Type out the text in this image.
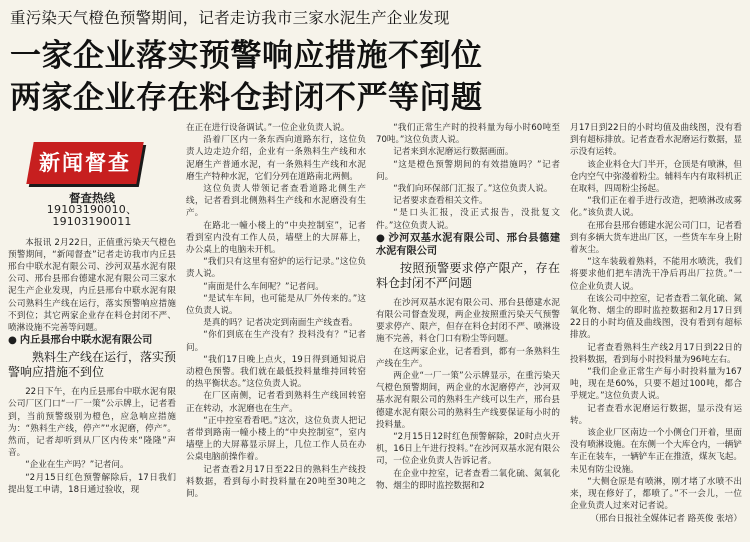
重污染天气橙色预警期间，记者走访我市三家水泥生产企业发现
一家企业落实预警响应措施不到位
两家企业存在料仓封闭不严等问题
新闻督查
督查热线
19103190010、19103190011

本报讯 2月22日，正值重污染天气橙色预警期间，“新闻督查”记者走访我市内丘县邢台中联水泥有限公司、沙河双基水泥有限公司、邢台县邢台德建水泥有限公司三家水泥生产企业发现，内丘县邢台中联水泥有限公司熟料生产线在运行，落实预警响应措施不到位；其它两家企业存在料仓封闭不严、喷淋设施不完善等问题。

● 内丘县邢台中联水泥有限公司

熟料生产线在运行，落实预警响应措施不到位

22日下午，在内丘县邢台中联水泥有限公司厂区门口“一厂一策”公示牌上，记者看到，当前预警级别为橙色，应急响应措施为：“熟料生产线，停产”“水泥磨，停产”。然而，记者却听到从厂区内传来“隆隆”声音。

“企业在生产吗？”记者问。

“2月15日红色预警解除后，17日我们提出复工申请，18日通过验收，现

在正在进行设备调试。”一位企业负责人说。

沿着厂区内一条东西向道路东行，这位负责人边走边介绍，企业有一条熟料生产线和水泥磨生产普通水泥，有一条熟料生产线和水泥磨生产特种水泥，它们分列在道路南北两侧。

这位负责人带领记者查看道路北侧生产线，记者看到北侧熟料生产线和水泥磨没有生产。

在路北一幢小楼上的“中央控制室”，记者看到室内没有工作人员，墙壁上的大屏幕上，办公桌上的电脑未开机。

“我们只有这里有窑炉的运行记录。”这位负责人说。

“南面是什么车间呢？”记者问。

“是试车车间，也可能是从厂外传来的。”这位负责人说。

是真的吗？记者决定到南面生产线查看。

“你们到底在生产没有？投料没有？”记者问。

“我们17日晚上点火，19日得到通知说启动橙色预警。我们就在最低投料量维持回转窑的热平衡状态。”这位负责人说。

在厂区南侧，记者看到熟料生产线回转窑正在转动，水泥磨也在生产。

“正中控室看看吧。”这次，这位负责人把记者带到路南一幢小楼上的“中央控制室”，室内墙壁上的大屏幕显示屏上，几位工作人员在办公桌电脑前操作着。

记者查看2月17日至22日的熟料生产线投料数据，看到每小时投料量在20吨至30吨之间。

“我们正常生产时的投料量为每小时60吨至70吨。”这位负责人说。

记者来到水泥磨运行数据画面。

“这是橙色预警期间的有效措施吗？”记者问。

“我们向环保部门汇报了。”这位负责人说。

记者要求查看相关文件。

“是口头汇报，没正式报告，没批复文件。”这位负责人说。

● 沙河双基水泥有限公司、邢台县德建水泥有限公司

按照预警要求停产限产，存在料仓封闭不严问题

在沙河双基水泥有限公司、邢台县德建水泥有限公司督查发现，两企业按照重污染天气预警要求停产、限产，但存在料仓封闭不严、喷淋设施不完善，料仓门口有粉尘等问题。

在这两家企业，记者看到，都有一条熟料生产线在生产。

两企业“一厂一策”公示牌显示，在重污染天气橙色预警期间，两企业的水泥磨停产，沙河双基水泥有限公司的熟料生产线可以生产，邢台县德建水泥有限公司的熟料生产线要保证每小时的投料量。

“2月15日12时红色预警解除，20时点火开机，16日上午进行投料。”在沙河双基水泥有限公司，一位企业负责人告诉记者。

在企业中控室，记者查看二氧化硫、氮氧化物、烟尘的即时监控数据和2

月17日到22日的小时均值及曲线图，没有看到有超标排放。记者查看水泥磨运行数据，显示没有运转。

该企业料仓大门半开，仓顶是有喷淋，但仓内空气中弥漫着粉尘。辅料车内有取料机正在取料，四周粉尘扬起。

“我们正在着手进行改造，把喷淋改成雾化。”该负责人说。

在邢台县邢台德建水泥公司门口，记者看到有多辆大货车进出厂区，一些货车车身上附着灰尘。

“这车装载着熟料，不能用水喷洗，我们将要求他们把车清洗干净后再出厂拉货。”一位企业负责人说。

在该公司中控室，记者查看二氧化硫、氮氧化物、烟尘的即时监控数据和2月17日到22日的小时均值及曲线图，没有看到有超标排放。

记者查看熟料生产线2月17日到22日的投料数据，看到每小时投料量为96吨左右。

“我们企业正常生产每小时投料量为167吨，现在是60%，只要不超过100吨，都合乎规定。”这位负责人说。

记者查看水泥磨运行数据，显示没有运转。

该企业厂区南边一个小侧仓门开着，里面没有喷淋设施。在东侧一个大库仓内，一辆铲车正在装车，一辆铲车正在推渣，煤灰飞起。未见有防尘设施。

“大侧仓原是有喷淋，刚才堵了水喷不出来，现在修好了，都喷了。”不一会儿，一位企业负责人过来对记者说。

（邢台日报社全媒体记者 路英俊 张培）
